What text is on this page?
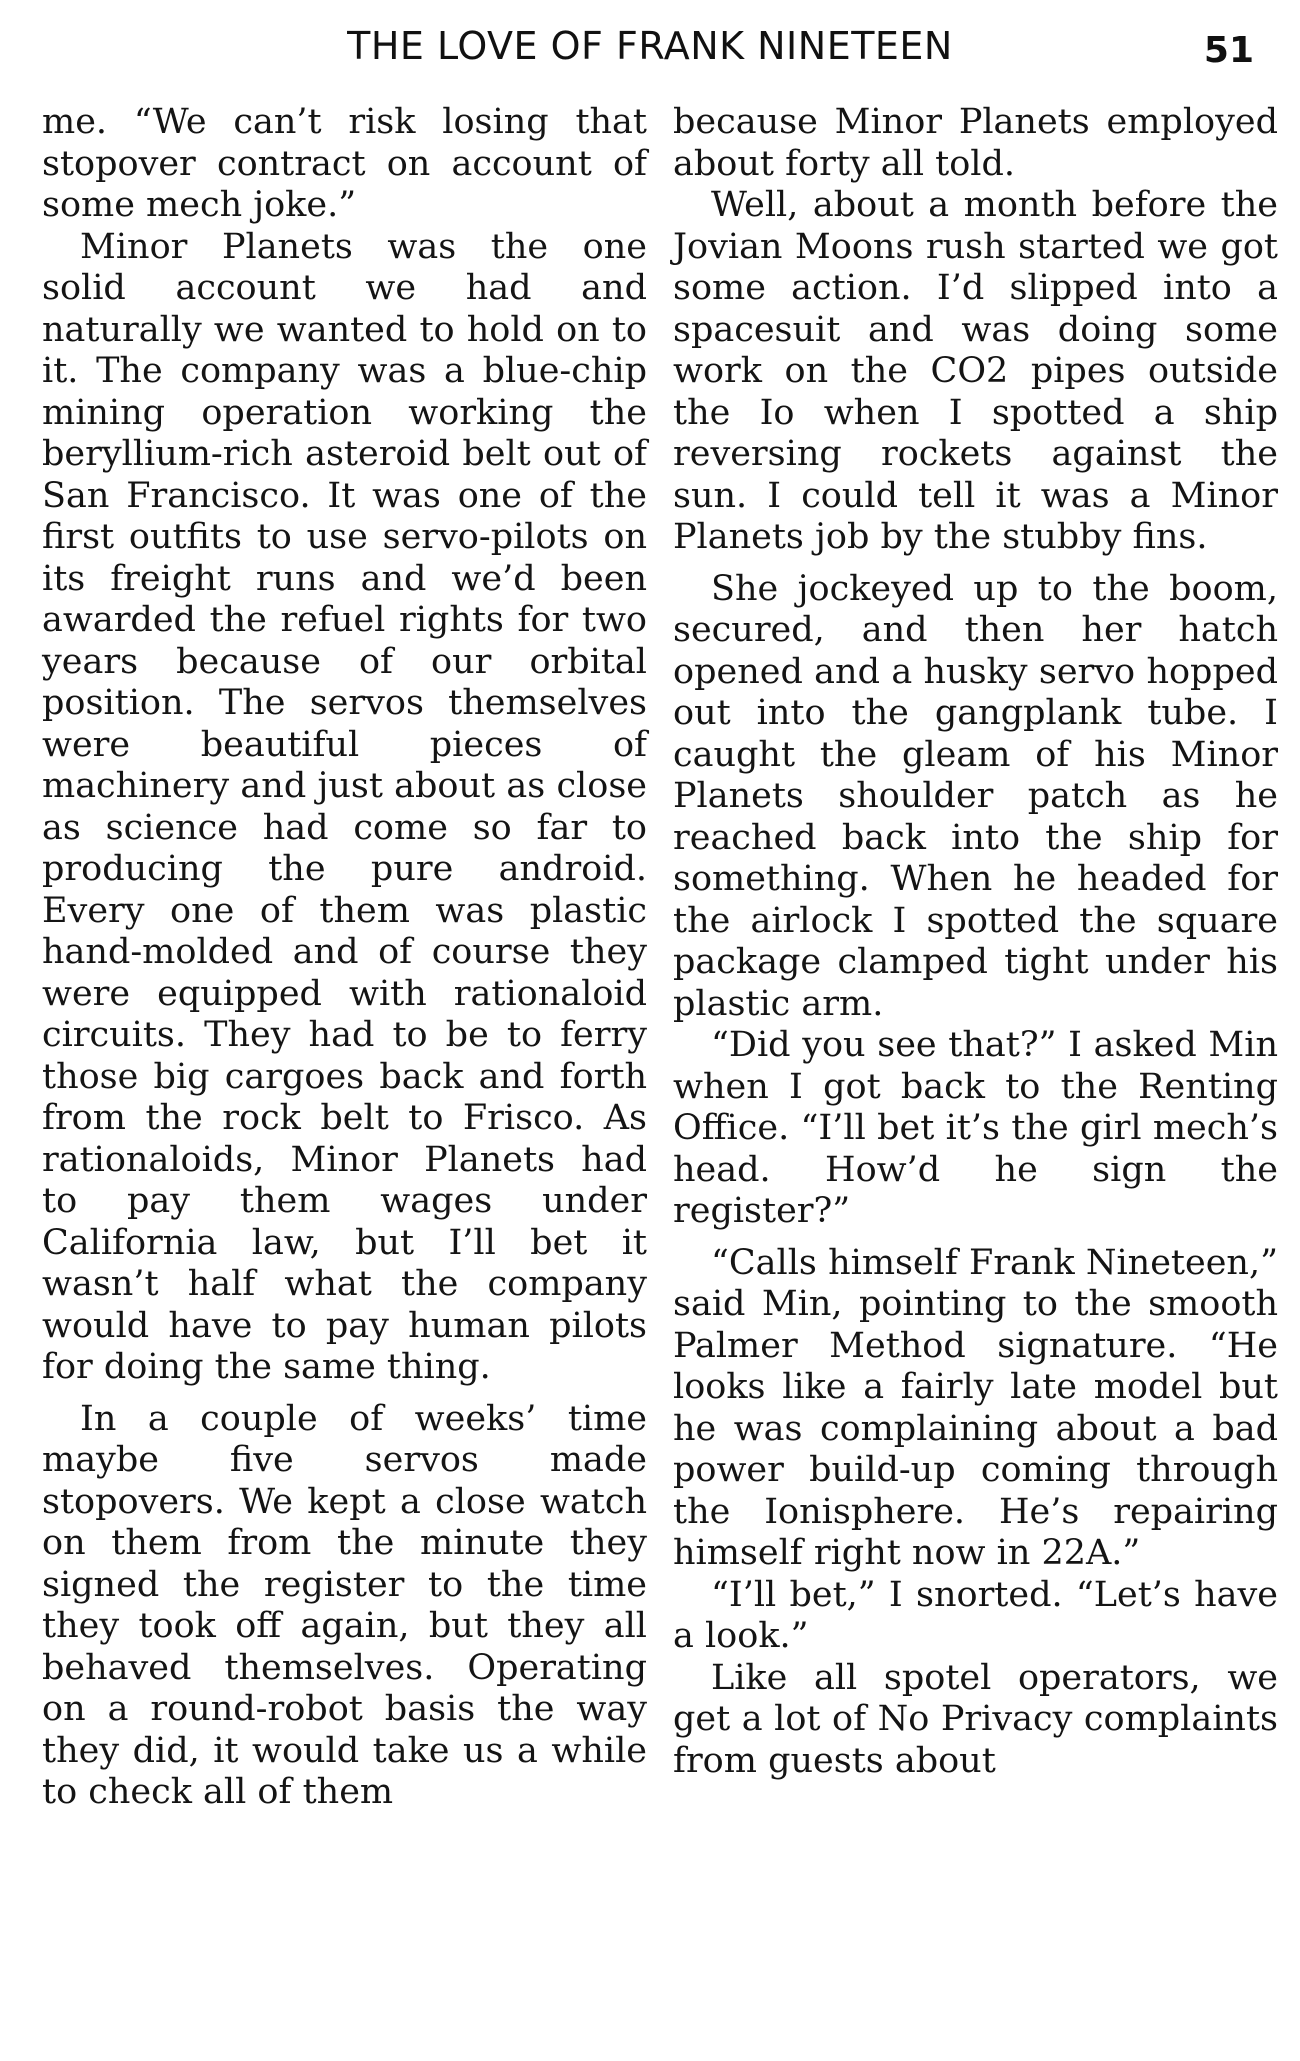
THE LOVE OF FRANK NINETEEN	51

me. “We can’t risk losing that stopover contract on account of some mech joke.”

Minor Planets was the one solid account we had and naturally we wanted to hold on to it. The company was a blue-chip mining operation working the beryllium-rich asteroid belt out of San Francisco. It was one of the first outfits to use servo-pilots on its freight runs and we’d been awarded the refuel rights for two years because of our orbital position. The servos themselves were beautiful pieces of machinery and just about as close as science had come so far to producing the pure android. Every one of them was plastic hand-molded and of course they were equipped with rationaloid circuits. They had to be to ferry those big cargoes back and forth from the rock belt to Frisco. As rationaloids, Minor Planets had to pay them wages under California law, but I’ll bet it wasn’t half what the company would have to pay human pilots for doing the same thing.

In a couple of weeks’ time maybe five servos made stopovers. We kept a close watch on them from the minute they signed the register to the time they took off again, but they all behaved themselves. Operating on a round-robot basis the way they did, it would take us a while to check all of them

because Minor Planets employed about forty all told.

Well, about a month before the Jovian Moons rush started we got some action. I’d slipped into a spacesuit and was doing some work on the CO2 pipes outside the Io when I spotted a ship reversing rockets against the sun. I could tell it was a Minor Planets job by the stubby fins.

She jockeyed up to the boom, secured, and then her hatch opened and a husky servo hopped out into the gangplank tube. I caught the gleam of his Minor Planets shoulder patch as he reached back into the ship for something. When he headed for the airlock I spotted the square package clamped tight under his plastic arm.

“Did you see that?” I asked Min when I got back to the Renting Office. “I’ll bet it’s the girl mech’s head. How’d he sign the register?”

“Calls himself Frank Nineteen,” said Min, pointing to the smooth Palmer Method signature. “He looks like a fairly late model but he was complaining about a bad power build-up coming through the Ionisphere. He’s repairing himself right now in 22A.”

“I’ll bet,” I snorted. “Let’s have a look.”

Like all spotel operators, we get a lot of No Privacy complaints from guests about
